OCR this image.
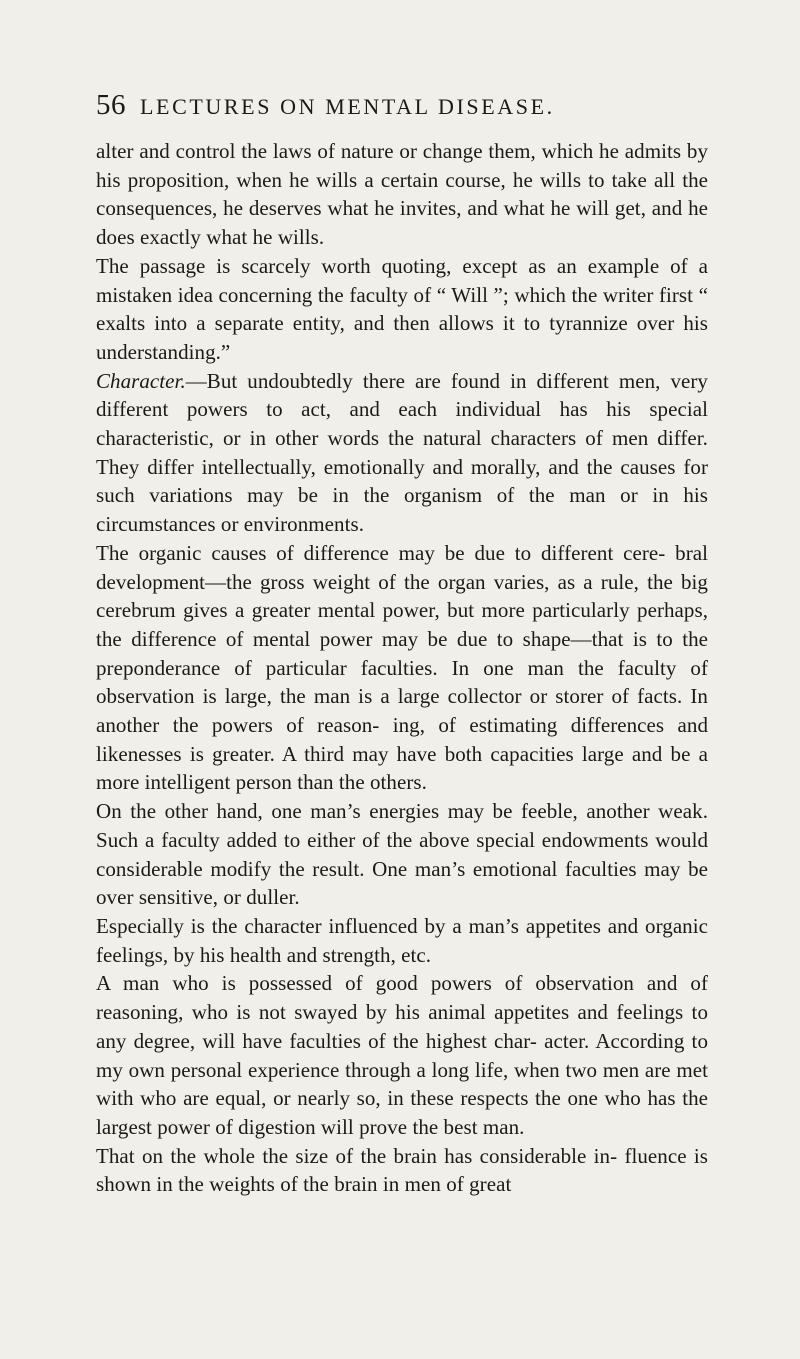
56 LECTURES ON MENTAL DISEASE.

alter and control the laws of nature or change them, which he admits by his proposition, when he wills a certain course, he wills to take all the consequences, he deserves what he invites, and what he will get, and he does exactly what he wills.

The passage is scarcely worth quoting, except as an example of a mistaken idea concerning the faculty of “ Will ”; which the writer first “ exalts into a separate entity, and then allows it to tyrannize over his understanding.”

Character.—But undoubtedly there are found in different men, very different powers to act, and each individual has his special characteristic, or in other words the natural characters of men differ. They differ intellectually, emotionally and morally, and the causes for such variations may be in the organism of the man or in his circumstances or environments.

The organic causes of difference may be due to different cere- bral development—the gross weight of the organ varies, as a rule, the big cerebrum gives a greater mental power, but more particularly perhaps, the difference of mental power may be due to shape—that is to the preponderance of particular faculties. In one man the faculty of observation is large, the man is a large collector or storer of facts. In another the powers of reason- ing, of estimating differences and likenesses is greater. A third may have both capacities large and be a more intelligent person than the others.

On the other hand, one man’s energies may be feeble, another weak. Such a faculty added to either of the above special endowments would considerable modify the result. One man’s emotional faculties may be over sensitive, or duller.

Especially is the character influenced by a man’s appetites and organic feelings, by his health and strength, etc.

A man who is possessed of good powers of observation and of reasoning, who is not swayed by his animal appetites and feelings to any degree, will have faculties of the highest char- acter. According to my own personal experience through a long life, when two men are met with who are equal, or nearly so, in these respects the one who has the largest power of digestion will prove the best man.

That on the whole the size of the brain has considerable in- fluence is shown in the weights of the brain in men of great
